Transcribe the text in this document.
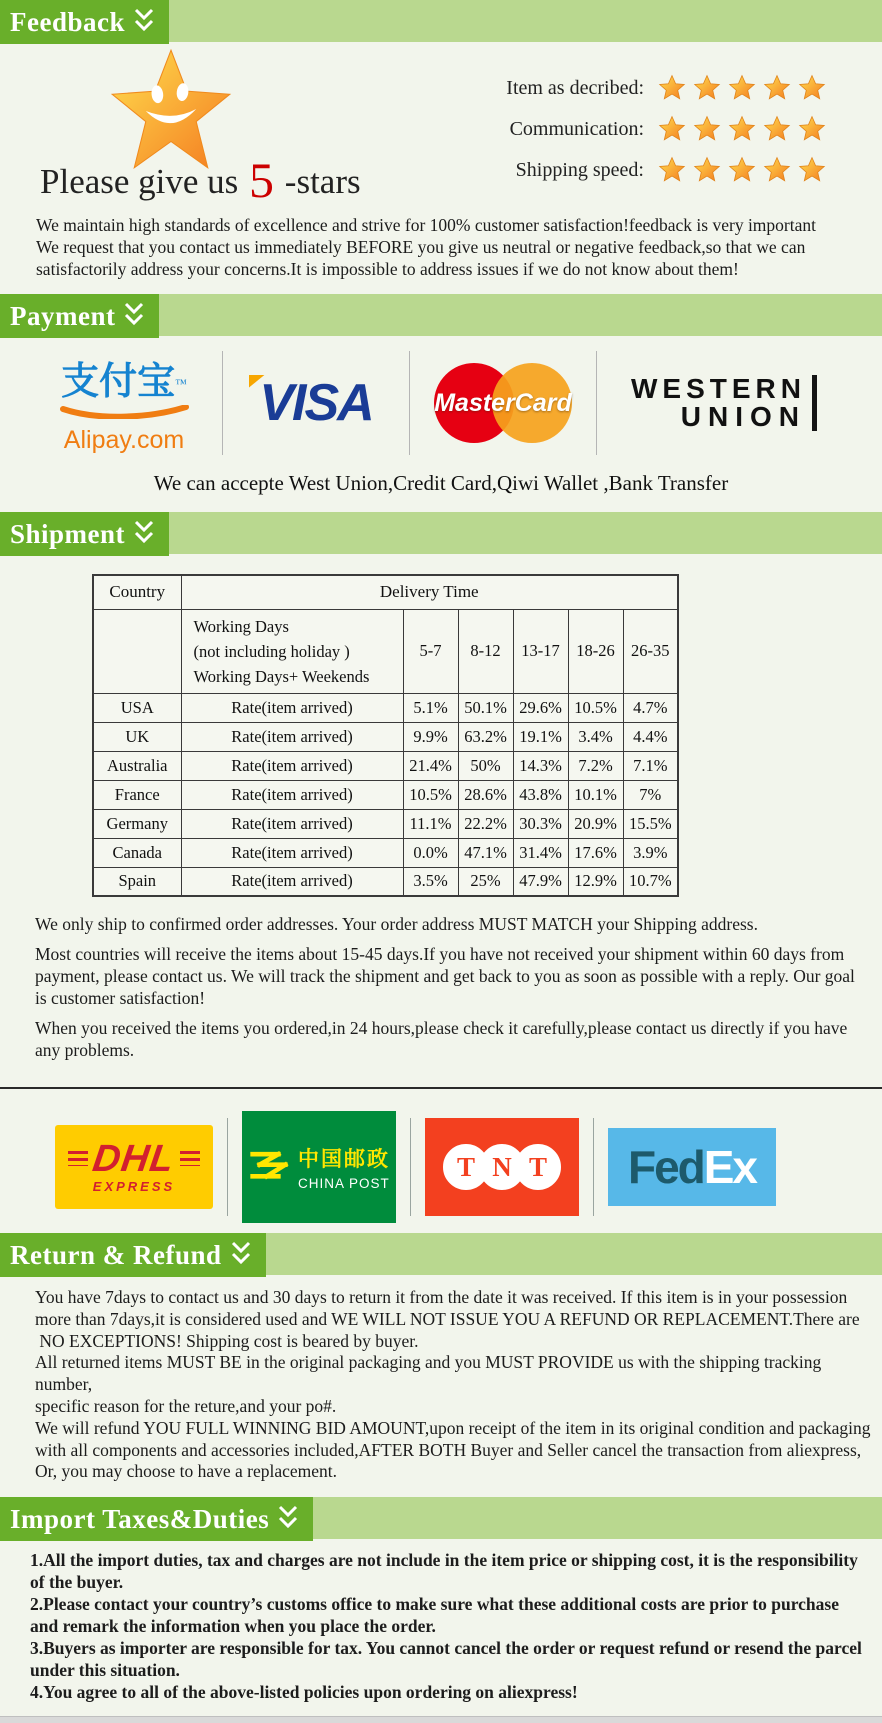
Feedback
Please give us 5 -stars
Item as decribed:
Communication:
Shipping speed:
We maintain high standards of excellence and strive for 100% customer satisfaction!feedback is very important
We request that you contact us immediately BEFORE you give us neutral or negative feedback,so that we can
satisfactorily address your concerns.It is impossible to address issues if we do not know about them!
Payment
支付宝™
Alipay.com
VISA	MasterCard WESTERN
UNION
We can accepte West Union,Credit Card,Qiwi Wallet ,Bank Transfer
Shipment
Country	Delivery Time					

	Working Days
(not including holiday )
Working Days+ Weekends	5-7	8-12	13-17	18-26	26-35
USA	Rate(item arrived)	5.1%	50.1%	29.6%	10.5%	4.7%
UK	Rate(item arrived)	9.9%	63.2%	19.1%	3.4%	4.4%
Australia	Rate(item arrived)	21.4%	50%	14.3%	7.2%	7.1%
France	Rate(item arrived)	10.5%	28.6%	43.8%	10.1%	7%
Germany	Rate(item arrived)	11.1%	22.2%	30.3%	20.9%	15.5%
Canada	Rate(item arrived)	0.0%	47.1%	31.4%	17.6%	3.9%
Spain	Rate(item arrived)	3.5%	25%	47.9%	12.9%	10.7%

We only ship to confirmed order addresses. Your order address MUST MATCH your Shipping address.

Most countries will receive the items about 15-45 days.If you have not received your shipment within 60 days from payment, please contact us. We will track the shipment and get back to you as soon as possible with a reply. Our goal is customer satisfaction!

When you received the items you ordered,in 24 hours,please check it carefully,please contact us directly if you have any problems.

DHL
EXPRESS
中国邮政
CHINA POST
T N T Fed Ex
Return & Refund
You have 7days to contact us and 30 days to return it from the date it was received. If this item is in your possession
more than 7days,it is considered used and WE WILL NOT ISSUE YOU A REFUND OR REPLACEMENT.There are
NO EXCEPTIONS! Shipping cost is beared by buyer.
All returned items MUST BE in the original packaging and you MUST PROVIDE us with the shipping tracking number,
specific reason for the reture,and your po#.
We will refund YOU FULL WINNING BID AMOUNT,upon receipt of the item in its original condition and packaging
with all components and accessories included,AFTER BOTH Buyer and Seller cancel the transaction from aliexpress,
Or, you may choose to have a replacement.
Import Taxes&Duties
1.All the import duties, tax and charges are not include in the item price or shipping cost, it is the responsibility of the buyer.
2.Please contact your country’s customs office to make sure what these additional costs are prior to purchase and remark the information when you place the order.
3.Buyers as importer are responsible for tax. You cannot cancel the order or request refund or resend the parcel under this situation.
4.You agree to all of the above-listed policies upon ordering on aliexpress!
